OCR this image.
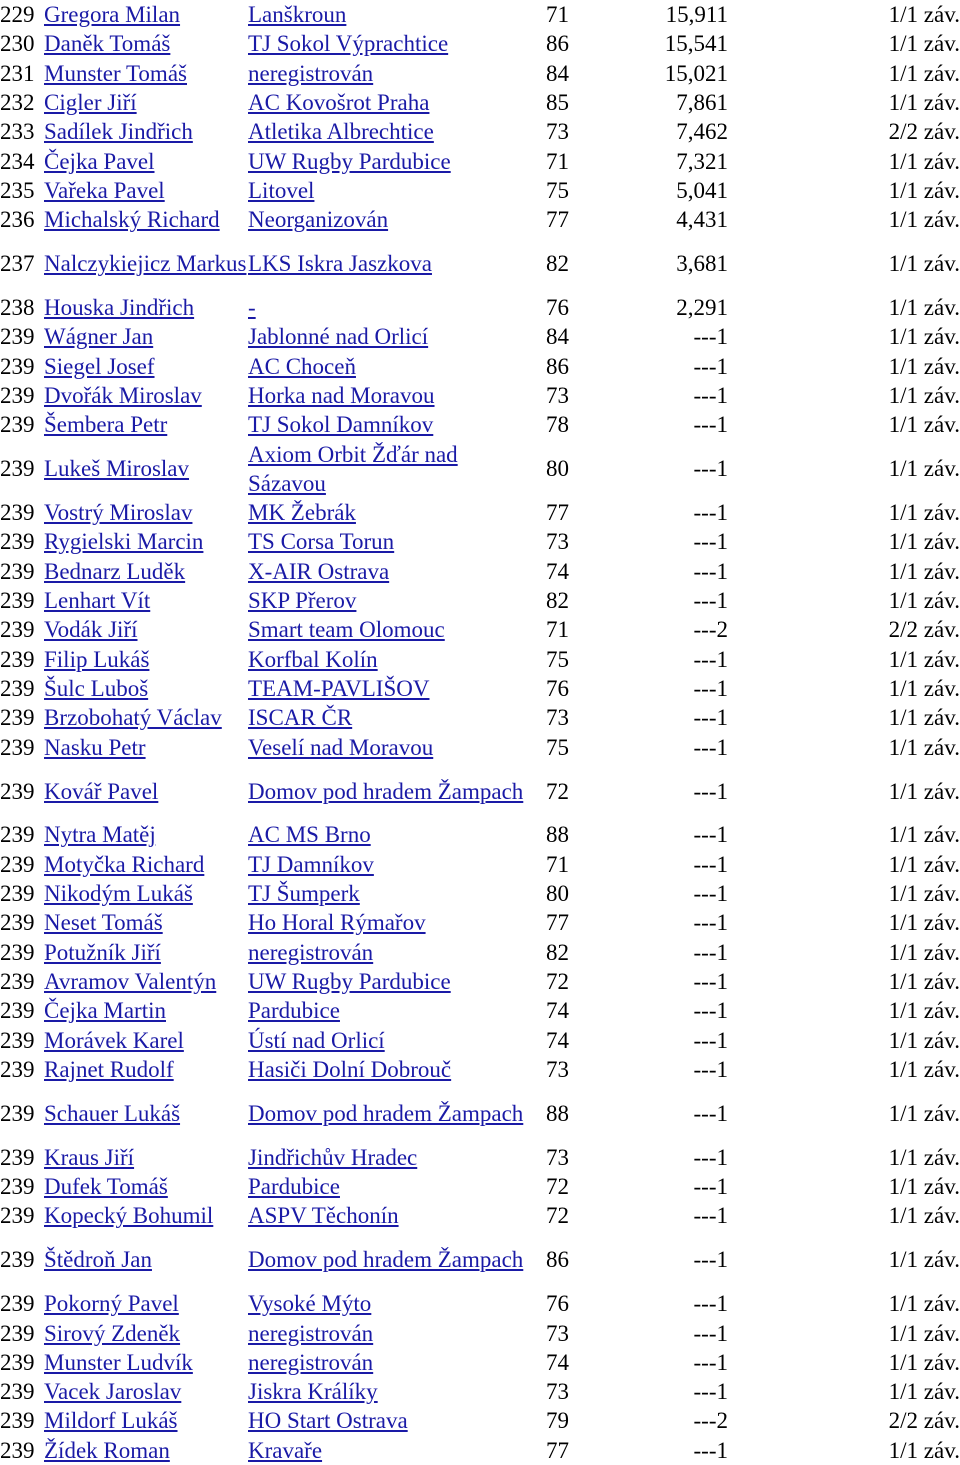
229	Gregora Milan	Lanškroun	71	15,911	1/1 záv.
230	Daněk Tomáš	TJ Sokol Výprachtice	86	15,541	1/1 záv.
231	Munster Tomáš	neregistrován	84	15,021	1/1 záv.
232	Cigler Jiří	AC Kovošrot Praha	85	7,861	1/1 záv.
233	Sadílek Jindřich	Atletika Albrechtice	73	7,462	2/2 záv.
234	Čejka Pavel	UW Rugby Pardubice	71	7,321	1/1 záv.
235	Vařeka Pavel	Litovel	75	5,041	1/1 záv.
236	Michalský Richard	Neorganizován	77	4,431	1/1 záv.
237	Nalczykiejicz Markus	LKS Iskra Jaszkova	82	3,681	1/1 záv.
238	Houska Jindřich	-	76	2,291	1/1 záv.
239	Wágner Jan	Jablonné nad Orlicí	84	---1	1/1 záv.
239	Siegel Josef	AC Choceň	86	---1	1/1 záv.
239	Dvořák Miroslav	Horka nad Moravou	73	---1	1/1 záv.
239	Šembera Petr	TJ Sokol Damníkov	78	---1	1/1 záv.
239	Lukeš Miroslav	Axiom Orbit Žďár nad Sázavou	80	---1	1/1 záv.
239	Vostrý Miroslav	MK Žebrák	77	---1	1/1 záv.
239	Rygielski Marcin	TS Corsa Torun	73	---1	1/1 záv.
239	Bednarz Luděk	X-AIR Ostrava	74	---1	1/1 záv.
239	Lenhart Vít	SKP Přerov	82	---1	1/1 záv.
239	Vodák Jiří	Smart team Olomouc	71	---2	2/2 záv.
239	Filip Lukáš	Korfbal Kolín	75	---1	1/1 záv.
239	Šulc Luboš	TEAM-PAVLIŠOV	76	---1	1/1 záv.
239	Brzobohatý Václav	ISCAR ČR	73	---1	1/1 záv.
239	Nasku Petr	Veselí nad Moravou	75	---1	1/1 záv.
239	Kovář Pavel	Domov pod hradem Žampach	72	---1	1/1 záv.
239	Nytra Matěj	AC MS Brno	88	---1	1/1 záv.
239	Motyčka Richard	TJ Damníkov	71	---1	1/1 záv.
239	Nikodým Lukáš	TJ Šumperk	80	---1	1/1 záv.
239	Neset Tomáš	Ho Horal Rýmařov	77	---1	1/1 záv.
239	Potužník Jiří	neregistrován	82	---1	1/1 záv.
239	Avramov Valentýn	UW Rugby Pardubice	72	---1	1/1 záv.
239	Čejka Martin	Pardubice	74	---1	1/1 záv.
239	Morávek Karel	Ústí nad Orlicí	74	---1	1/1 záv.
239	Rajnet Rudolf	Hasiči Dolní Dobrouč	73	---1	1/1 záv.
239	Schauer Lukáš	Domov pod hradem Žampach	88	---1	1/1 záv.
239	Kraus Jiří	Jindřichův Hradec	73	---1	1/1 záv.
239	Dufek Tomáš	Pardubice	72	---1	1/1 záv.
239	Kopecký Bohumil	ASPV Těchonín	72	---1	1/1 záv.
239	Štědroň Jan	Domov pod hradem Žampach	86	---1	1/1 záv.
239	Pokorný Pavel	Vysoké Mýto	76	---1	1/1 záv.
239	Sirový Zdeněk	neregistrován	73	---1	1/1 záv.
239	Munster Ludvík	neregistrován	74	---1	1/1 záv.
239	Vacek Jaroslav	Jiskra Králíky	73	---1	1/1 záv.
239	Mildorf Lukáš	HO Start Ostrava	79	---2	2/2 záv.
239	Žídek Roman	Kravaře	77	---1	1/1 záv.
